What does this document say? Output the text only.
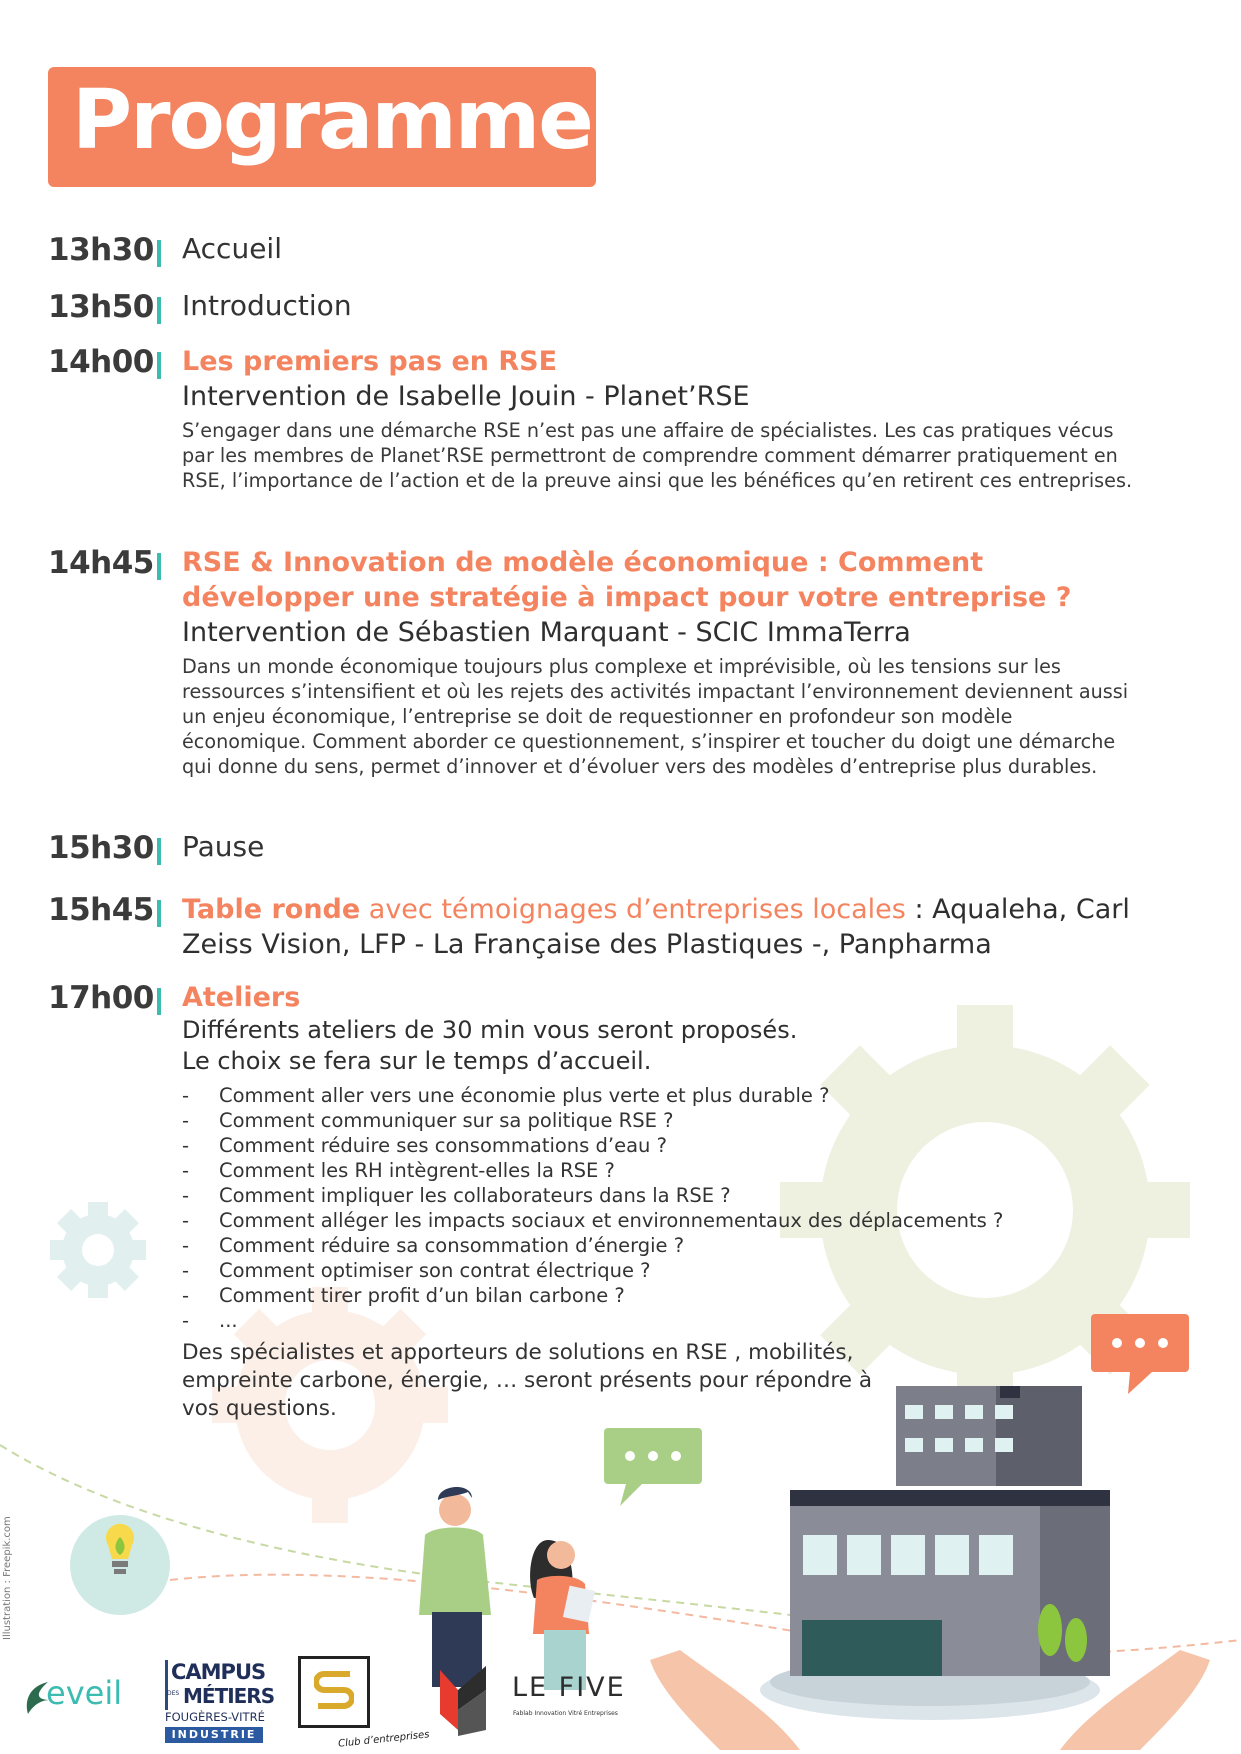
Programme
13h30 Accueil
13h50 Introduction
14h00 Les premiers pas en RSE
Intervention de Isabelle Jouin - Planet’RSE
S’engager dans une démarche RSE n’est pas une affaire de spécialistes. Les cas pratiques vécus par les membres de Planet’RSE permettront de comprendre comment démarrer pratiquement en RSE, l’importance de l’action et de la preuve ainsi que les bénéfices qu’en retirent ces entreprises.
14h45 RSE & Innovation de modèle économique : Comment développer une stratégie à impact pour votre entreprise ?
Intervention de Sébastien Marquant - SCIC ImmaTerra
Dans un monde économique toujours plus complexe et imprévisible, où les tensions sur les ressources s’intensifient et où les rejets des activités impactant l’environnement deviennent aussi un enjeu économique, l’entreprise se doit de requestionner en profondeur son modèle économique. Comment aborder ce questionnement, s’inspirer et toucher du doigt une démarche qui donne du sens, permet d’innover et d’évoluer vers des modèles d’entreprise plus durables.
15h30 Pause
15h45 Table ronde avec témoignages d’entreprises locales : Aqualeha, Carl Zeiss Vision, LFP - La Française des Plastiques -, Panpharma
17h00 Ateliers
Différents ateliers de 30 min vous seront proposés.
Le choix se fera sur le temps d’accueil.
- Comment aller vers une économie plus verte et plus durable ?
- Comment communiquer sur sa politique RSE ?
- Comment réduire ses consommations d’eau ?
- Comment les RH intègrent-elles la RSE ?
- Comment impliquer les collaborateurs dans la RSE ?
- Comment alléger les impacts sociaux et environnementaux des déplacements ?
- Comment réduire sa consommation d’énergie ?
- Comment optimiser son contrat électrique ?
- Comment tirer profit d’un bilan carbone ?
- ...
Des spécialistes et apporteurs de solutions en RSE , mobilités, empreinte carbone, énergie, … seront présents pour répondre à vos questions.
Illustration : Freepik.com
eveil
CAMPUS
DES MÉTIERS
FOUGÈRES-VITRÉ
INDUSTRIE	Club d’entreprises
LE FIVE
Fablab Innovation Vitré Entreprises
